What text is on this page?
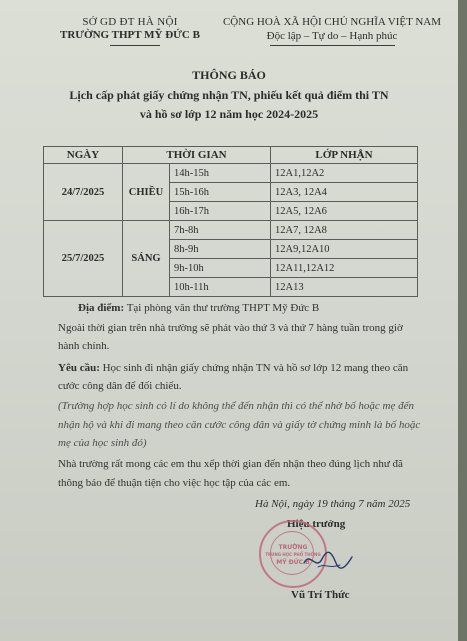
SỞ GD ĐT HÀ NỘI
TRƯỜNG THPT MỸ ĐỨC B
CỘNG HOÀ XÃ HỘI CHỦ NGHĨA VIỆT NAM
Độc lập – Tự do – Hạnh phúc
THÔNG BÁO
Lịch cấp phát giấy chứng nhận TN, phiếu kết quả điểm thi TN
và hồ sơ lớp 12 năm học 2024-2025
NGÀY	THỜI GIAN		LỚP NHẬN
24/7/2025	CHIỀU	14h-15h	12A1,12A2
		15h-16h	12A3, 12A4
		16h-17h	12A5, 12A6
25/7/2025	SÁNG	7h-8h	12A7, 12A8
		8h-9h	12A9,12A10
		9h-10h	12A11,12A12
		10h-11h	12A13
Địa điểm: Tại phòng văn thư trường THPT Mỹ Đức B
Ngoài thời gian trên nhà trường sẽ phát vào thứ 3 và thứ 7 hàng tuần trong giờ
hành chính.
Yêu cầu: Học sinh đi nhận giấy chứng nhận TN và hồ sơ lớp 12 mang theo căn
cước công dân để đối chiếu.
(Trường hợp học sinh có lí do không thể đến nhận thì có thể nhờ bố hoặc mẹ đến
nhận hộ và khi đi mang theo căn cước công dân và giấy tờ chứng minh là bố hoặc
mẹ của học sinh đó)
Nhà trường rất mong các em thu xếp thời gian đến nhận theo đúng lịch như đã
thông báo để thuận tiện cho việc học tập của các em.
Hà Nội, ngày 19 tháng 7 năm 2025
Hiệu trưởng
TRƯỜNG
TRUNG HỌC PHỔ THÔNG
MỸ ĐỨC B
Vũ Trí Thức
